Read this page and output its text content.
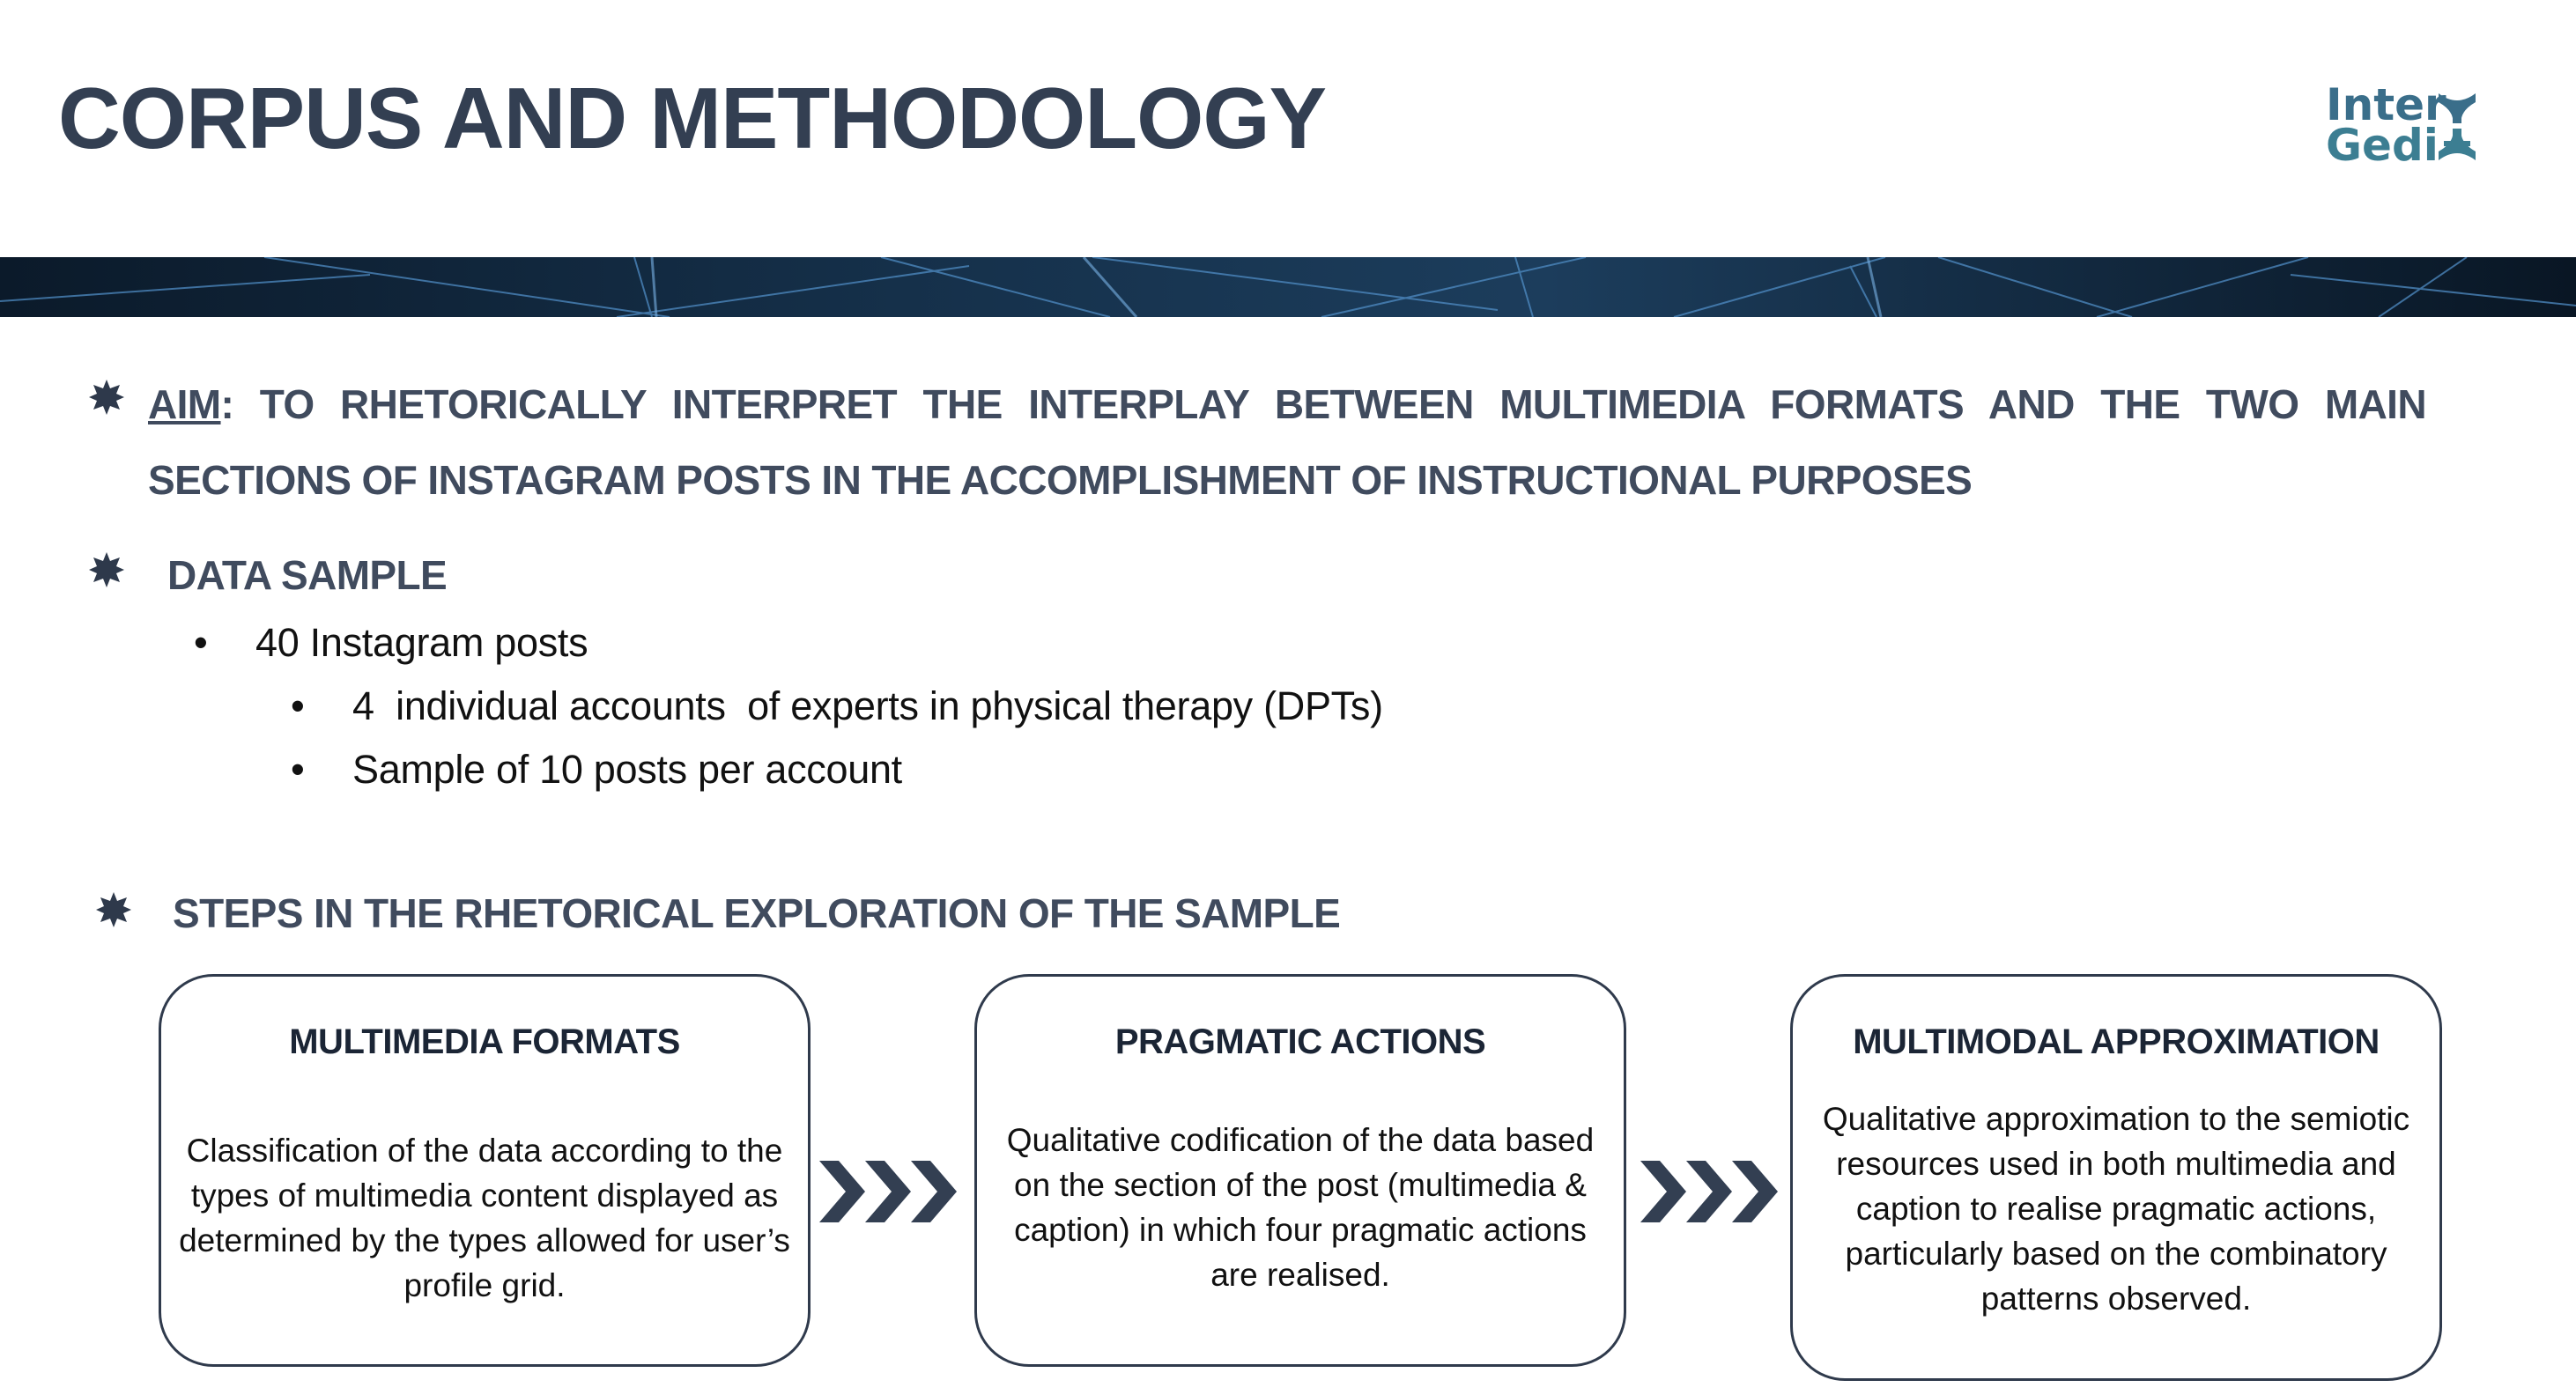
CORPUS AND METHODOLOGY	Inter
Gedi
AIM: TO RHETORICALLY INTERPRET THE INTERPLAY BETWEEN MULTIMEDIA FORMATS AND THE TWO MAIN SECTIONS OF INSTAGRAM POSTS IN THE ACCOMPLISHMENT OF INSTRUCTIONAL PURPOSES
DATA SAMPLE
• 40 Instagram posts
• 4  individual accounts  of experts in physical therapy (DPTs)
• Sample of 10 posts per account
STEPS IN THE RHETORICAL EXPLORATION OF THE SAMPLE
MULTIMEDIA FORMATS
Classification of the data according to the types of multimedia content displayed as determined by the types allowed for user’s profile grid.
PRAGMATIC ACTIONS
Qualitative codification of the data based on the section of the post (multimedia & caption) in which four pragmatic actions are realised.
MULTIMODAL APPROXIMATION
Qualitative approximation to the semiotic resources used in both multimedia and caption to realise pragmatic actions, particularly based on the combinatory patterns observed.
